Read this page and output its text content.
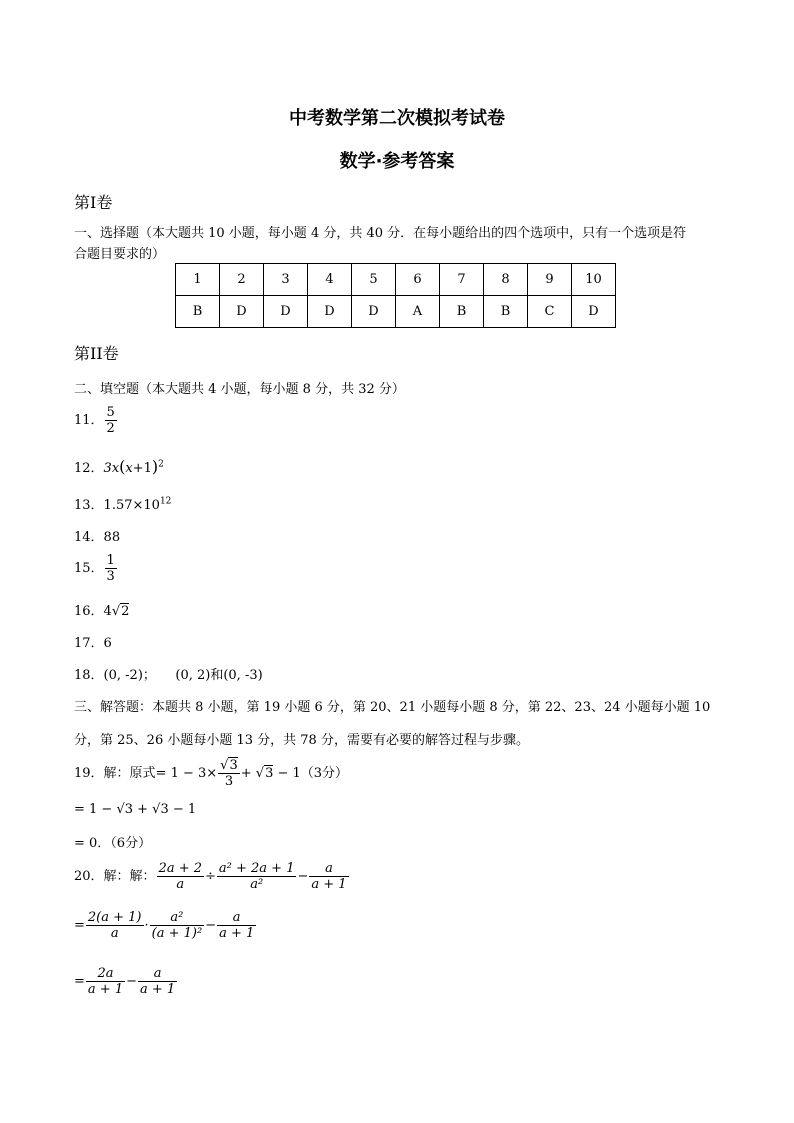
中考数学第二次模拟考试卷
数学·参考答案
第Ⅰ卷
一、选择题（本大题共 10 小题，每小题 4 分，共 40 分．在每小题给出的四个选项中，只有一个选项是符
合题目要求的）
1	2	3	4	5	6	7	8	9	10
B	D	D	D	D	A	B	B	C	D
第II卷
二、填空题（本大题共 4 小题，每小题 8 分，共 32 分）
11． $\frac{5}{2}$
12．$3x(x+1)^2$
13．$1.57\times 10^{12}$
14．88
15． $\frac{1}{3}$
16．4√2
17．6
18．(0, -2)；　　(0, 2)和(0, -3)
三、解答题：本题共 8 小题，第 19 小题 6 分，第 20、21 小题每小题 8 分，第 22、23、24 小题每小题 10
分，第 25、26 小题每小题 13 分，共 78 分，需要有必要的解答过程与步骤。
19．解：原式= $1 - 3\times \frac{√3}{3} + √3 - 1(3$分）
= 1 − √3 + √3 − 1
= 0．（6分）
20．解：解： $\frac{2a + 2}{a} \div \frac{\text{a² + 2a + 1}}{\text{a²}} - \frac{a}{a + 1}$
= $\frac{2(a + 1)}{a} \cdot \frac{\text{a²}}{\text{(a + 1)²}} - \frac{a}{a + 1}$
= $\frac{2a}{a + 1} - \frac{a}{a + 1}$
